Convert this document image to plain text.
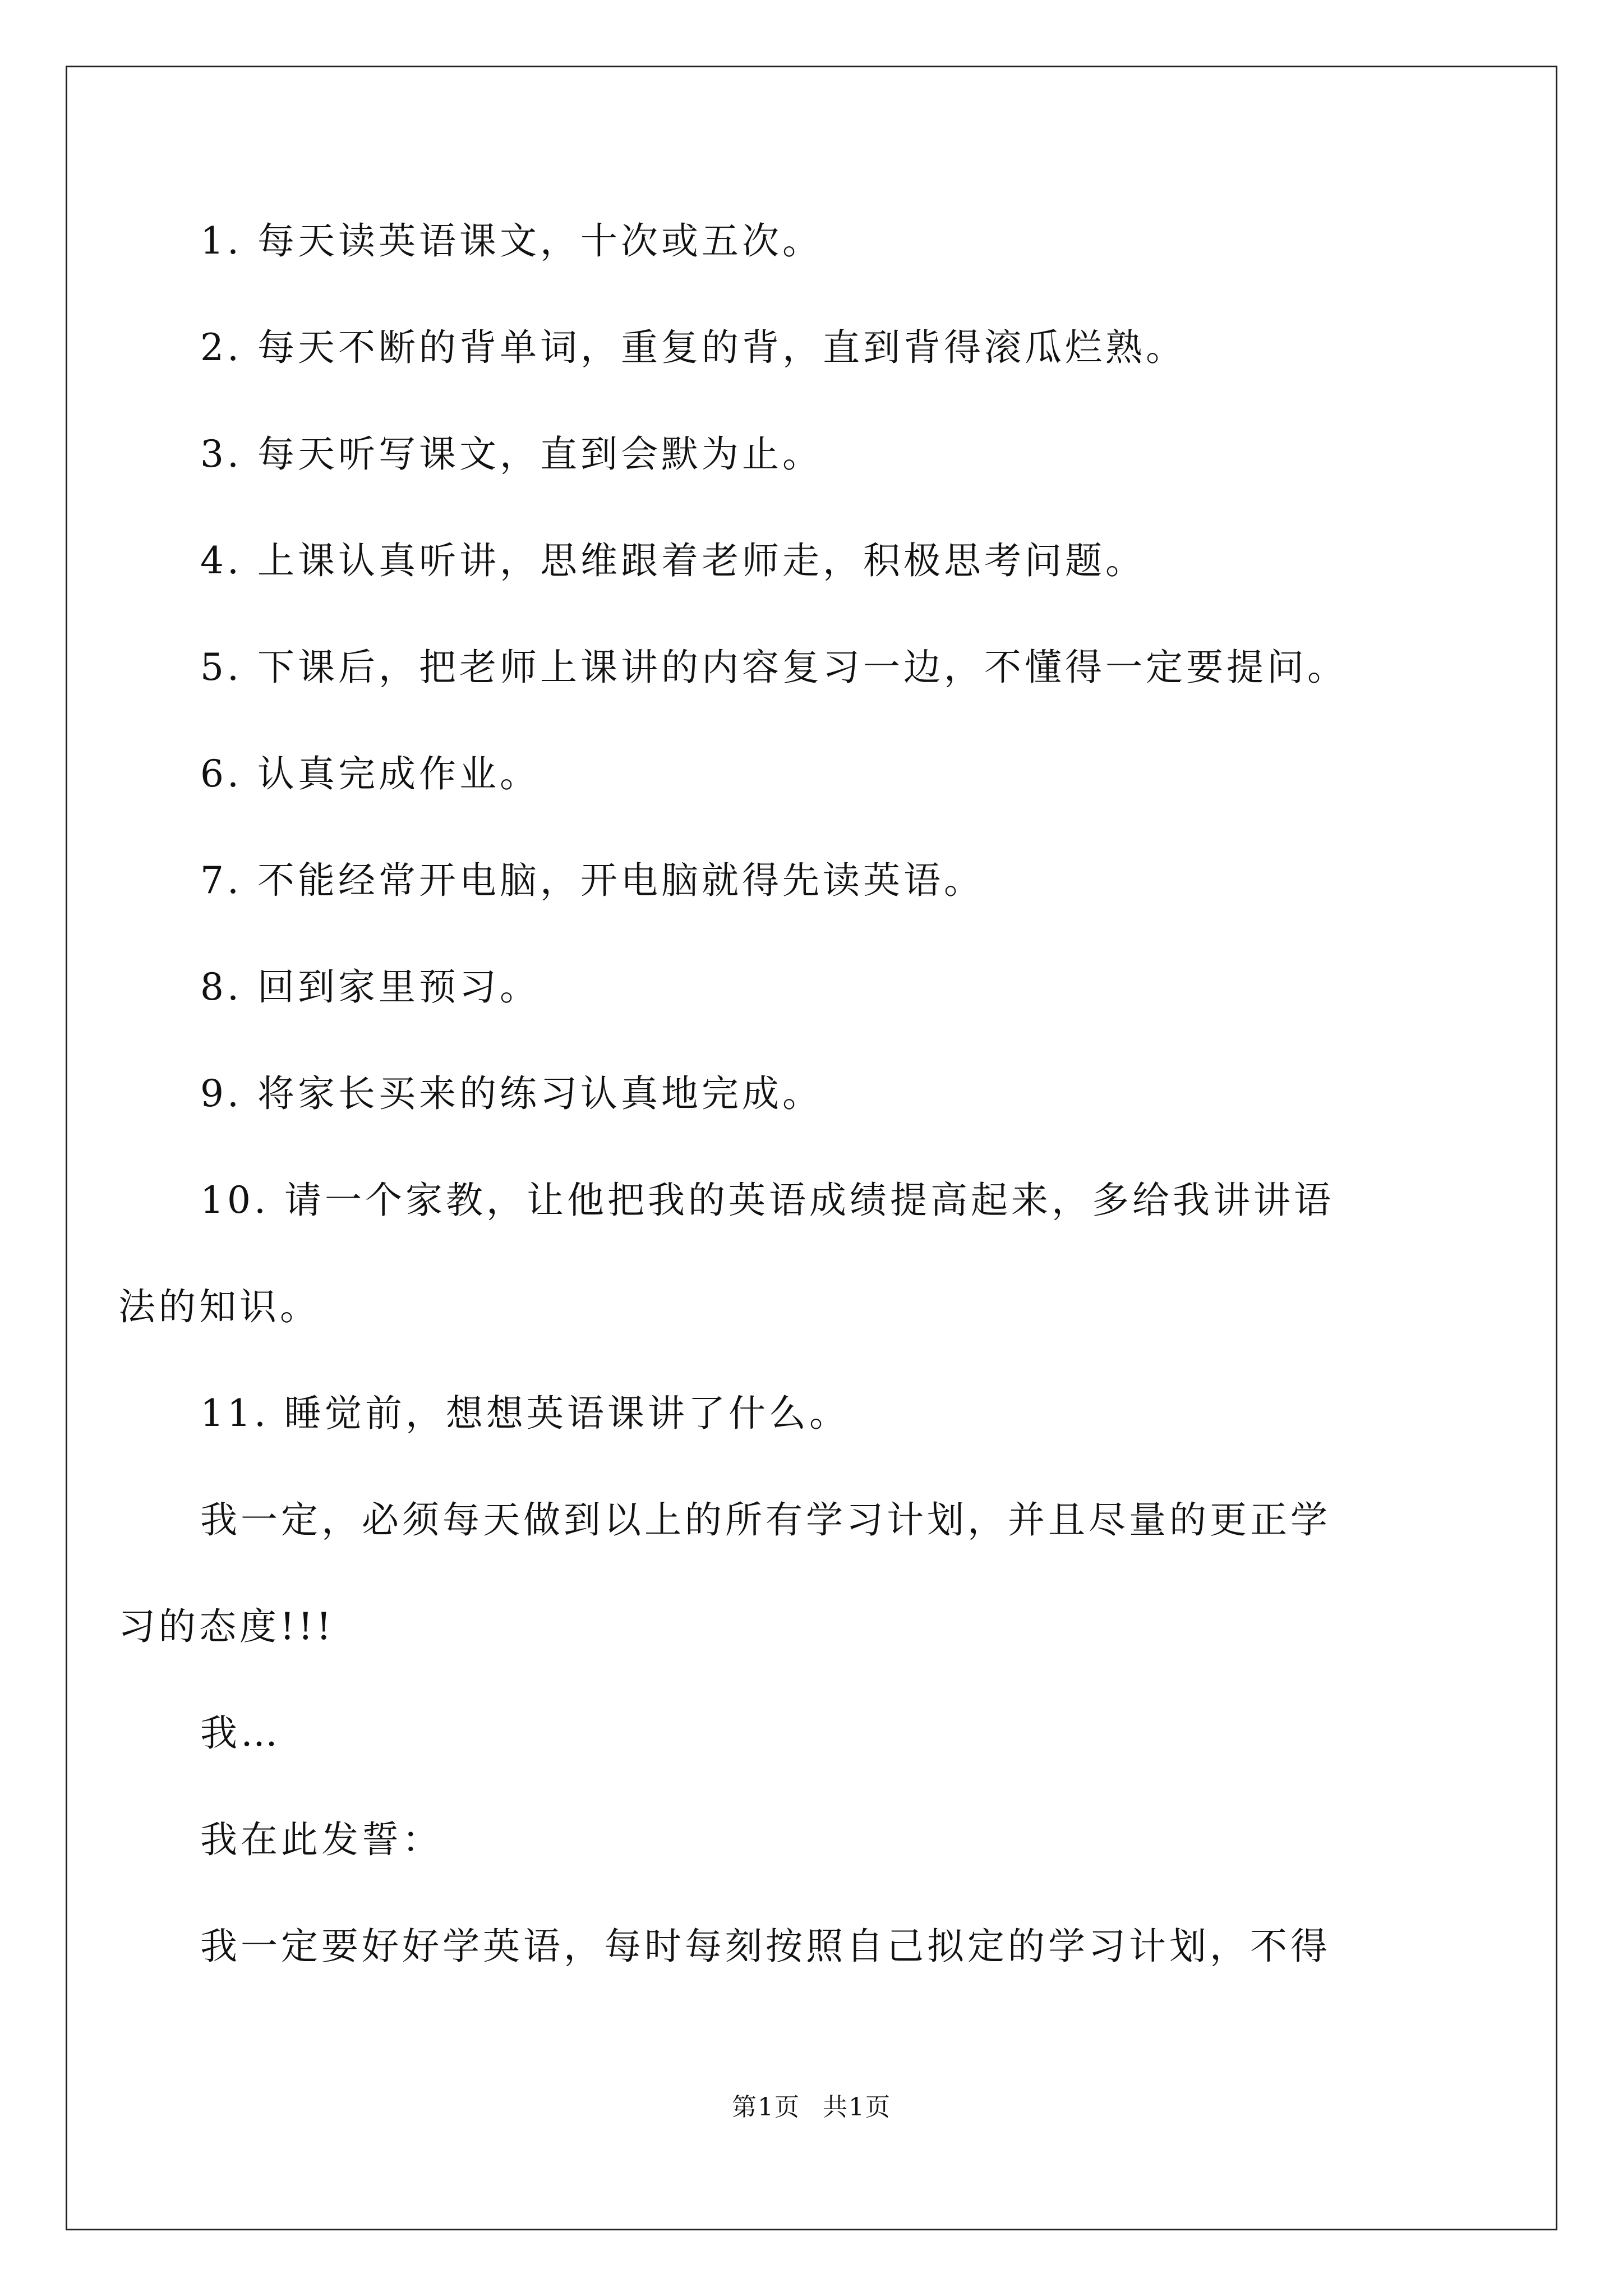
1. 每天读英语课文，十次或五次。
2. 每天不断的背单词，重复的背，直到背得滚瓜烂熟。
3. 每天听写课文，直到会默为止。
4. 上课认真听讲，思维跟着老师走，积极思考问题。
5. 下课后，把老师上课讲的内容复习一边，不懂得一定要提问。
6. 认真完成作业。
7. 不能经常开电脑，开电脑就得先读英语。
8. 回到家里预习。
9. 将家长买来的练习认真地完成。
10. 请一个家教，让他把我的英语成绩提高起来，多给我讲讲语
法的知识。
11. 睡觉前，想想英语课讲了什么。
我一定，必须每天做到以上的所有学习计划，并且尽量的更正学
习的态度!!!
我…
我在此发誓：
我一定要好好学英语，每时每刻按照自己拟定的学习计划，不得
第1页 共1页
